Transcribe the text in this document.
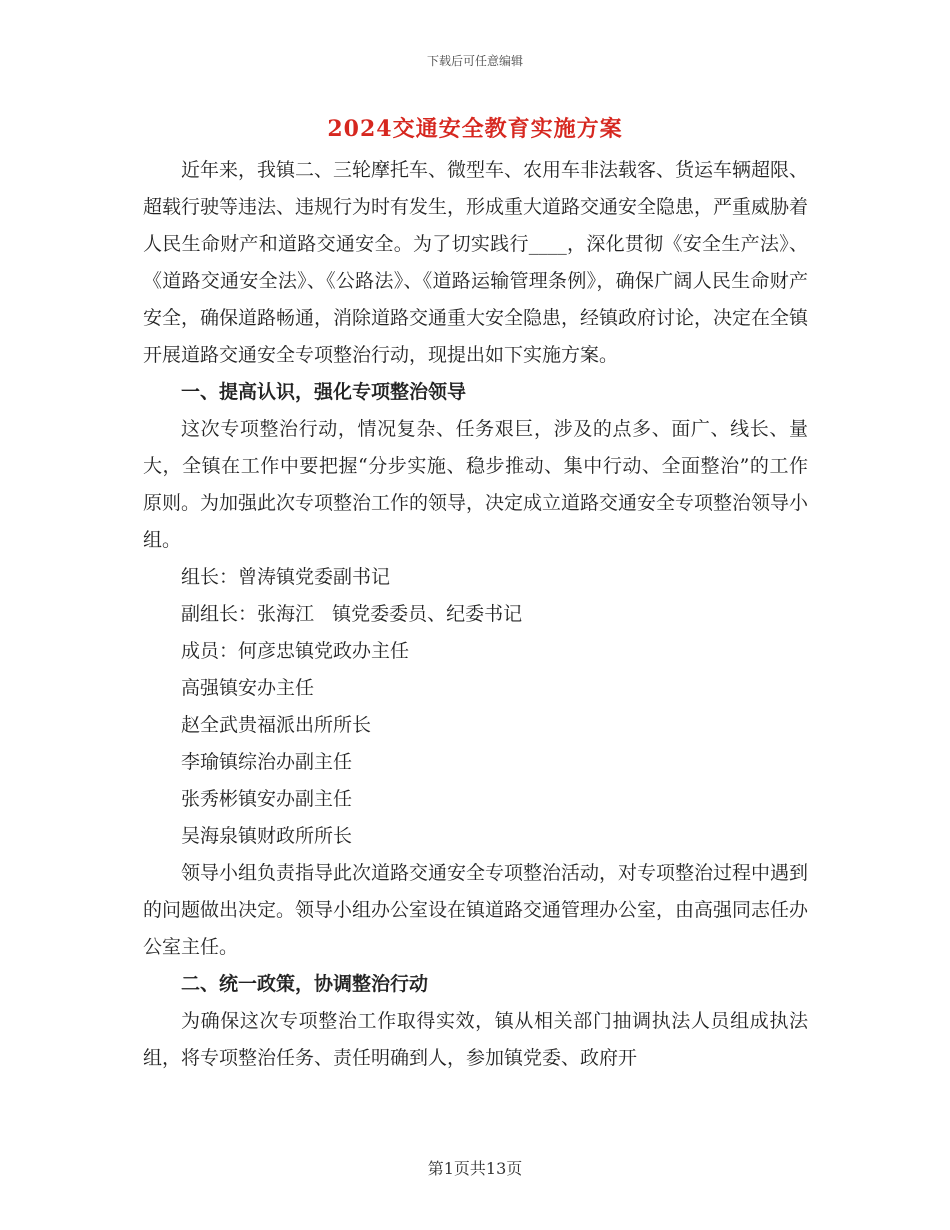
下载后可任意编辑
2024交通安全教育实施方案

近年来，我镇二、三轮摩托车、微型车、农用车非法载客、货运车辆超限、超载行驶等违法、违规行为时有发生，形成重大道路交通安全隐患，严重威胁着人民生命财产和道路交通安全。为了切实践行____，深化贯彻《安全生产法》、《道路交通安全法》、《公路法》、《道路运输管理条例》，确保广阔人民生命财产安全，确保道路畅通，消除道路交通重大安全隐患，经镇政府讨论，决定在全镇开展道路交通安全专项整治行动，现提出如下实施方案。

一、提高认识，强化专项整治领导

这次专项整治行动，情况复杂、任务艰巨，涉及的点多、面广、线长、量大，全镇在工作中要把握“分步实施、稳步推动、集中行动、全面整治”的工作原则。为加强此次专项整治工作的领导，决定成立道路交通安全专项整治领导小组。

组长：曾涛镇党委副书记

副组长：张海江   镇党委委员、纪委书记

成员：何彦忠镇党政办主任

高强镇安办主任

赵全武贵福派出所所长

李瑜镇综治办副主任

张秀彬镇安办副主任

吴海泉镇财政所所长

领导小组负责指导此次道路交通安全专项整治活动，对专项整治过程中遇到的问题做出决定。领导小组办公室设在镇道路交通管理办公室，由高强同志任办公室主任。

二、统一政策，协调整治行动

为确保这次专项整治工作取得实效，镇从相关部门抽调执法人员组成执法组，将专项整治任务、责任明确到人，参加镇党委、政府开

第1页共13页
